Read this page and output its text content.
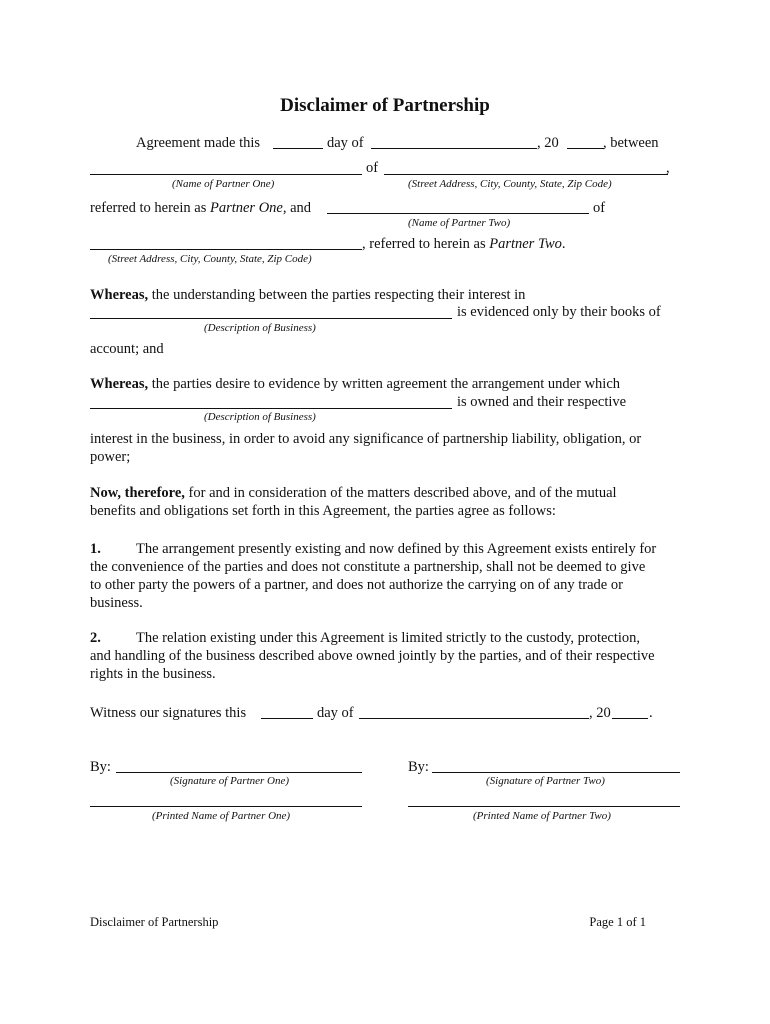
Disclaimer of Partnership
Agreement made this	day of	, 20	, between
of	,
(Name of Partner One)	(Street Address, City, County, State, Zip Code)
referred to herein as Partner One, and	of
(Name of Partner Two)
, referred to herein as Partner Two.
(Street Address, City, County, State, Zip Code)
Whereas, the understanding between the parties respecting their interest in
is evidenced only by their books of
(Description of Business)
account; and
Whereas, the parties desire to evidence by written agreement the arrangement under which
is owned and their respective
(Description of Business)
interest in the business, in order to avoid any significance of partnership liability, obligation, or
power;
Now, therefore, for and in consideration of the matters described above, and of the mutual
benefits and obligations set forth in this Agreement, the parties agree as follows:
1. The arrangement presently existing and now defined by this Agreement exists entirely for
the convenience of the parties and does not constitute a partnership, shall not be deemed to give
to other party the powers of a partner, and does not authorize the carrying on of any trade or
business.
2. The relation existing under this Agreement is limited strictly to the custody, protection,
and handling of the business described above owned jointly by the parties, and of their respective
rights in the business.
Witness our signatures this	day of	, 20	.
By:
(Signature of Partner One)
By:
(Signature of Partner Two)
(Printed Name of Partner One)	(Printed Name of Partner Two)
Disclaimer of Partnership	Page 1 of 1
